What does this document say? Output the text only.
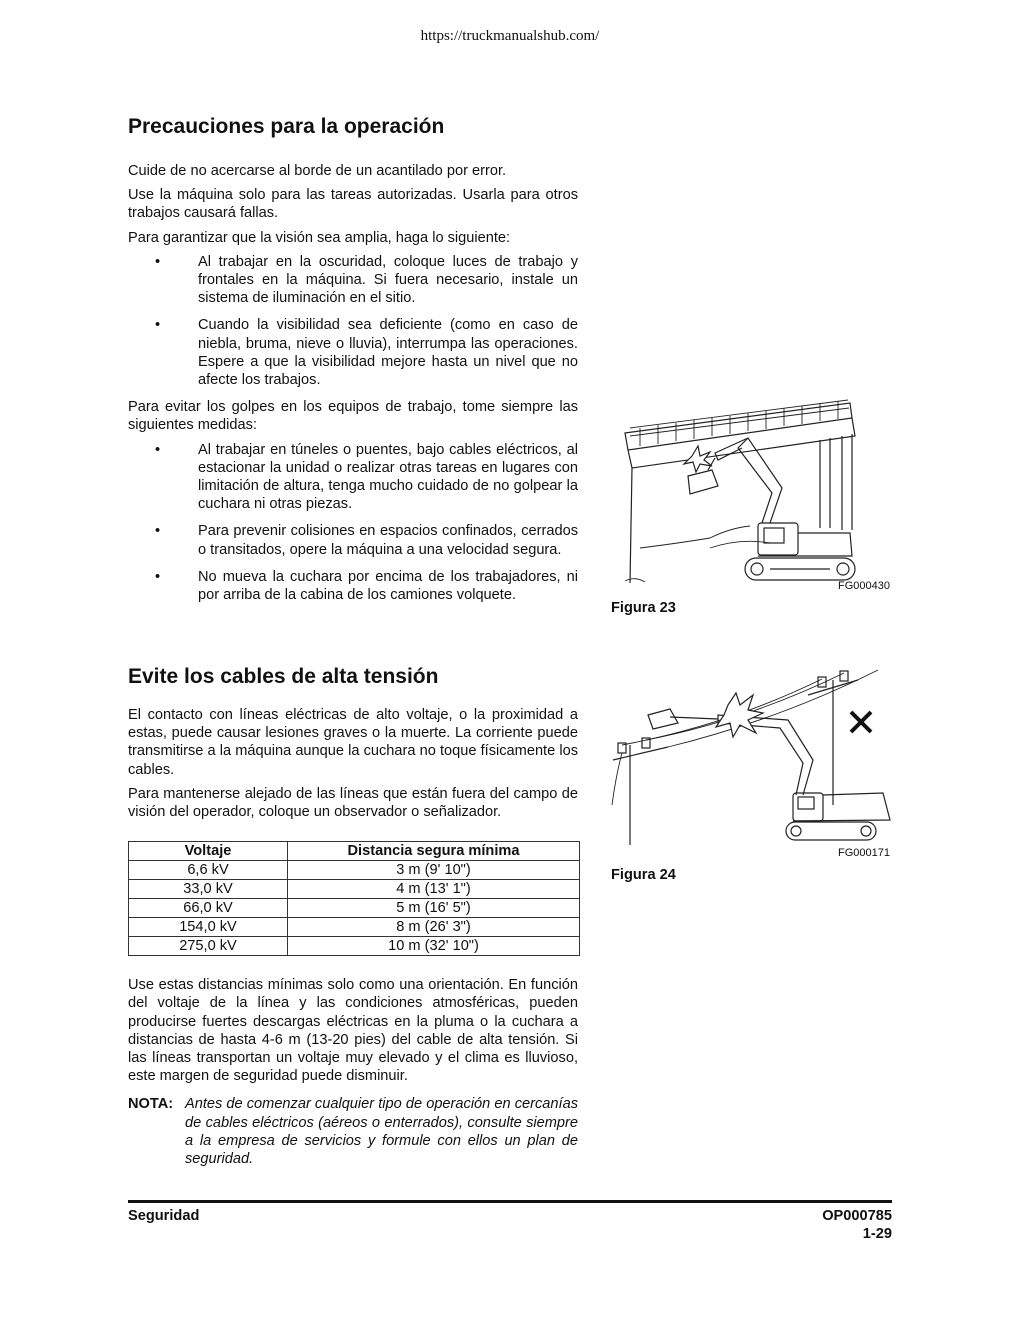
https://truckmanualshub.com/
Precauciones para la operación

Cuide de no acercarse al borde de un acantilado por error.

Use la máquina solo para las tareas autorizadas. Usarla para otros trabajos causará fallas.

Para garantizar que la visión sea amplia, haga lo siguiente:

•	Al trabajar en la oscuridad, coloque luces de trabajo y frontales en la máquina. Si fuera necesario, instale un sistema de iluminación en el sitio.
•	Cuando la visibilidad sea deficiente (como en caso de niebla, bruma, nieve o lluvia), interrumpa las operaciones. Espere a que la visibilidad mejore hasta un nivel que no afecte los trabajos.

Para evitar los golpes en los equipos de trabajo, tome siempre las siguientes medidas:

•	Al trabajar en túneles o puentes, bajo cables eléctricos, al estacionar la unidad o realizar otras tareas en lugares con limitación de altura, tenga mucho cuidado de no golpear la cuchara ni otras piezas.
•	Para prevenir colisiones en espacios confinados, cerrados o transitados, opere la máquina a una velocidad segura.
•	No mueva la cuchara por encima de los trabajadores, ni por arriba de la cabina de los camiones volquete.
FG000430
Figura 23
Evite los cables de alta tensión

El contacto con líneas eléctricas de alto voltaje, o la proximidad a estas, puede causar lesiones graves o la muerte. La corriente puede transmitirse a la máquina aunque la cuchara no toque físicamente los cables.

Para mantenerse alejado de las líneas que están fuera del campo de visión del operador, coloque un observador o señalizador.

Voltaje	Distancia segura mínima
6,6 kV	3 m (9' 10")
33,0 kV	4 m (13' 1")
66,0 kV	5 m (16' 5")
154,0 kV	8 m (26' 3")
275,0 kV	10 m (32' 10")

Use estas distancias mínimas solo como una orientación. En función del voltaje de la línea y las condiciones atmosféricas, pueden producirse fuertes descargas eléctricas en la pluma o la cuchara a distancias de hasta 4-6 m (13-20 pies) del cable de alta tensión. Si las líneas transportan un voltaje muy elevado y el clima es lluvioso, este margen de seguridad puede disminuir.

NOTA: Antes de comenzar cualquier tipo de operación en cercanías de cables eléctricos (aéreos o enterrados), consulte siempre a la empresa de servicios y formule con ellos un plan de seguridad.
FG000171
Figura 24
Seguridad	OP000785
1-29
